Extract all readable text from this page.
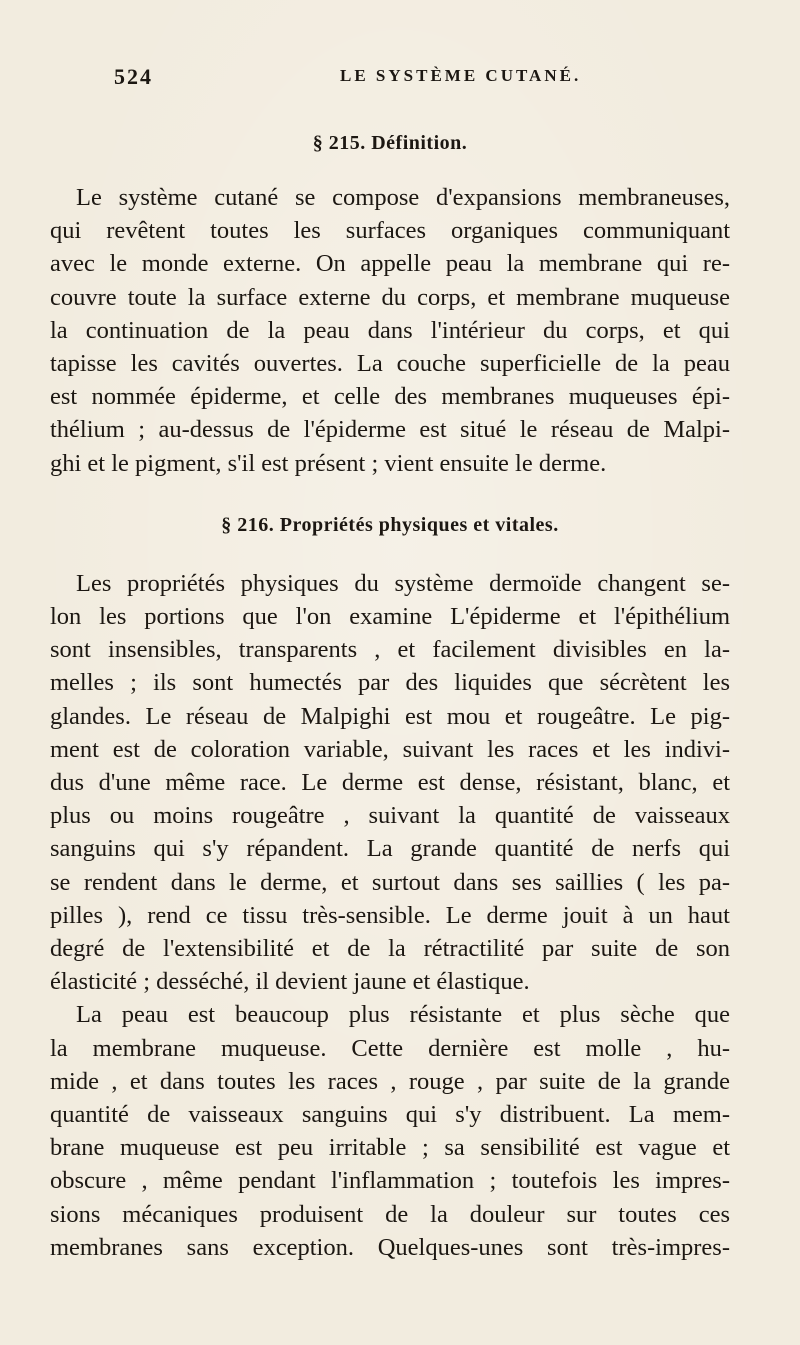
524	LE SYSTÈME CUTANÉ.
§ 215. Définition.

Le système cutané se compose d'expansions membraneuses,
qui revêtent toutes les surfaces organiques communiquant
avec le monde externe. On appelle peau la membrane qui re-
couvre toute la surface externe du corps, et membrane muqueuse
la continuation de la peau dans l'intérieur du corps, et qui
tapisse les cavités ouvertes. La couche superficielle de la peau
est nommée épiderme, et celle des membranes muqueuses épi-
thélium ; au-dessus de l'épiderme est situé le réseau de Malpi-
ghi et le pigment, s'il est présent ; vient ensuite le derme.

§ 216. Propriétés physiques et vitales.

Les propriétés physiques du système dermoïde changent se-
lon les portions que l'on examine L'épiderme et l'épithélium
sont insensibles, transparents , et facilement divisibles en la-
melles ; ils sont humectés par des liquides que sécrètent les
glandes. Le réseau de Malpighi est mou et rougeâtre. Le pig-
ment est de coloration variable, suivant les races et les indivi-
dus d'une même race. Le derme est dense, résistant, blanc, et
plus ou moins rougeâtre , suivant la quantité de vaisseaux
sanguins qui s'y répandent. La grande quantité de nerfs qui
se rendent dans le derme, et surtout dans ses saillies ( les pa-
pilles ), rend ce tissu très-sensible. Le derme jouit à un haut
degré de l'extensibilité et de la rétractilité par suite de son
élasticité ; desséché, il devient jaune et élastique.
La peau est beaucoup plus résistante et plus sèche que
la membrane muqueuse. Cette dernière est molle , hu-
mide , et dans toutes les races , rouge , par suite de la grande
quantité de vaisseaux sanguins qui s'y distribuent. La mem-
brane muqueuse est peu irritable ; sa sensibilité est vague et
obscure , même pendant l'inflammation ; toutefois les impres-
sions mécaniques produisent de la douleur sur toutes ces
membranes sans exception. Quelques-unes sont très-impres-
